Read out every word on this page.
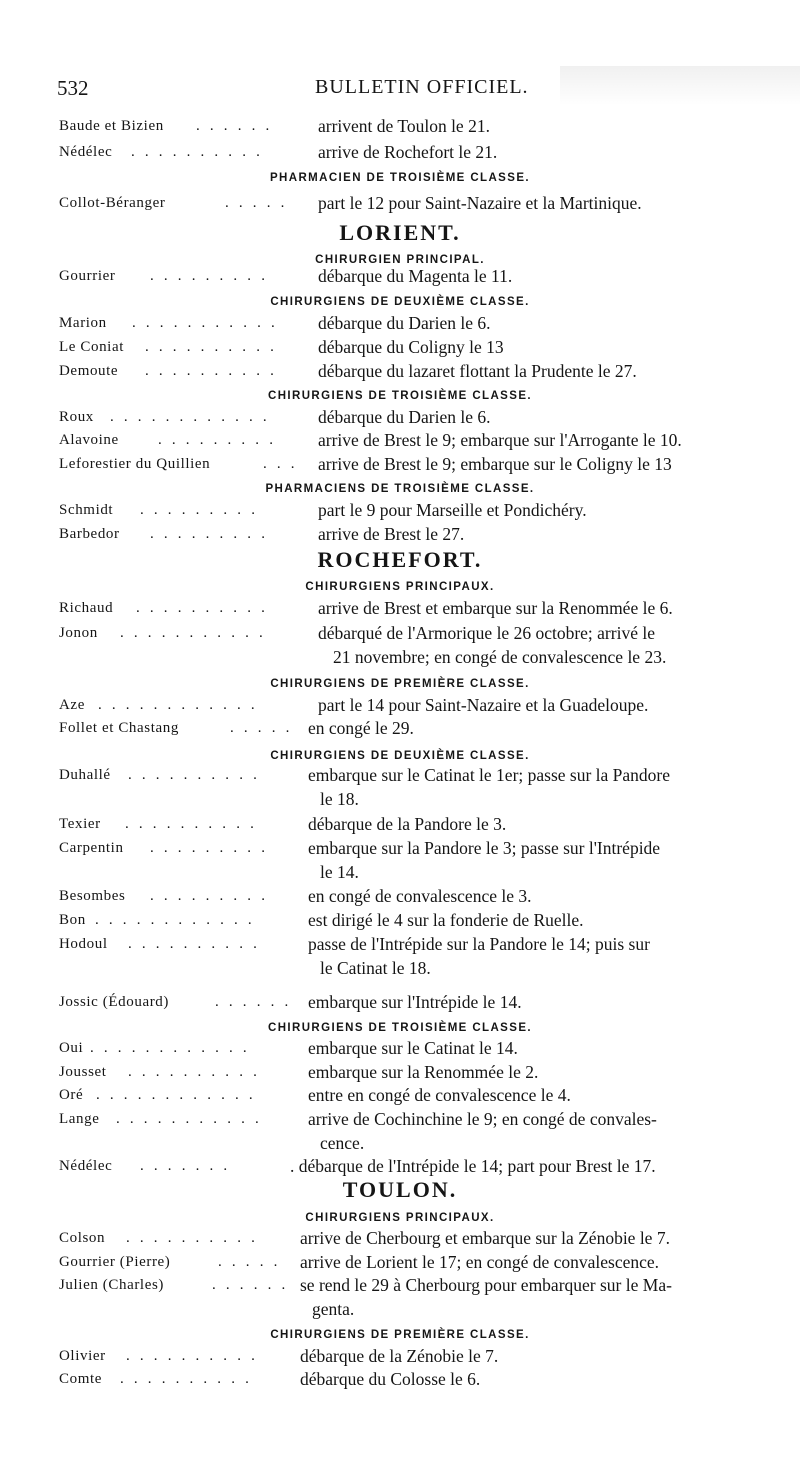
532	BULLETIN OFFICIEL.
Baude et Bizien . . . . . .	arrivent de Toulon le 21.
Nédélec . . . . . . . . . .	arrive de Rochefort le 21.
PHARMACIEN DE TROISIÈME CLASSE.
Collot-Béranger	. . . . . part le 12 pour Saint-Nazaire et la Martinique.
LORIENT.
CHIRURGIEN PRINCIPAL.
Gourrier . . . . . . . . .	débarque du Magenta le 11.
CHIRURGIENS DE DEUXIÈME CLASSE.
Marion . . . . . . . . . . . débarque du Darien le 6.
Le Coniat . . . . . . . . . . débarque du Coligny le 13
Demoute . . . . . . . . . . débarque du lazaret flottant la Prudente le 27.
CHIRURGIENS DE TROISIÈME CLASSE.
Roux . . . . . . . . . . . .	débarque du Darien le 6.
Alavoine	. . . . . . . . . arrive de Brest le 9; embarque sur l'Arrogante le 10.
Leforestier du Quillien	. . . arrive de Brest le 9; embarque sur le Coligny le 13
PHARMACIENS DE TROISIÈME CLASSE.
Schmidt . . . . . . . . .	part le 9 pour Marseille et Pondichéry.
Barbedor . . . . . . . . .	arrive de Brest le 27.
ROCHEFORT.
CHIRURGIENS PRINCIPAUX.
Richaud . . . . . . . . . .	arrive de Brest et embarque sur la Renommée le 6.
Jonon . . . . . . . . . . .	débarqué de l'Armorique le 26 octobre; arrivé le
21 novembre; en congé de convalescence le 23.
CHIRURGIENS DE PREMIÈRE CLASSE.
Aze . . . . . . . . . . . .	part le 14 pour Saint-Nazaire et la Guadeloupe.
Follet et Chastang	. . . . . en congé le 29.
CHIRURGIENS DE DEUXIÈME CLASSE.
Duhallé . . . . . . . . . .	embarque sur le Catinat le 1er; passe sur la Pandore
le 18.
Texier . . . . . . . . . .	débarque de la Pandore le 3.
Carpentin . . . . . . . . . embarque sur la Pandore le 3; passe sur l'Intrépide
le 14.
Besombes . . . . . . . . . en congé de convalescence le 3.
Bon . . . . . . . . . . . .	est dirigé le 4 sur la fonderie de Ruelle.
Hodoul . . . . . . . . . .	passe de l'Intrépide sur la Pandore le 14; puis sur
le Catinat le 18.
Jossic (Édouard)	. . . . . . embarque sur l'Intrépide le 14.
CHIRURGIENS DE TROISIÈME CLASSE.
Oui . . . . . . . . . . . .	embarque sur le Catinat le 14.
Jousset . . . . . . . . . .	embarque sur la Renommée le 2.
Oré . . . . . . . . . . . .	entre en congé de convalescence le 4.
Lange . . . . . . . . . . .	arrive de Cochinchine le 9; en congé de convales-
cence.
Nédélec . . . . . . .	. débarque de l'Intrépide le 14; part pour Brest le 17.
TOULON.
CHIRURGIENS PRINCIPAUX.
Colson . . . . . . . . . . arrive de Cherbourg et embarque sur la Zénobie le 7.
Gourrier (Pierre)	. . . . . arrive de Lorient le 17; en congé de convalescence.
Julien (Charles)	. . . . . . se rend le 29 à Cherbourg pour embarquer sur le Ma-
genta.
CHIRURGIENS DE PREMIÈRE CLASSE.
Olivier . . . . . . . . . . débarque de la Zénobie le 7.
Comte . . . . . . . . . .	débarque du Colosse le 6.
